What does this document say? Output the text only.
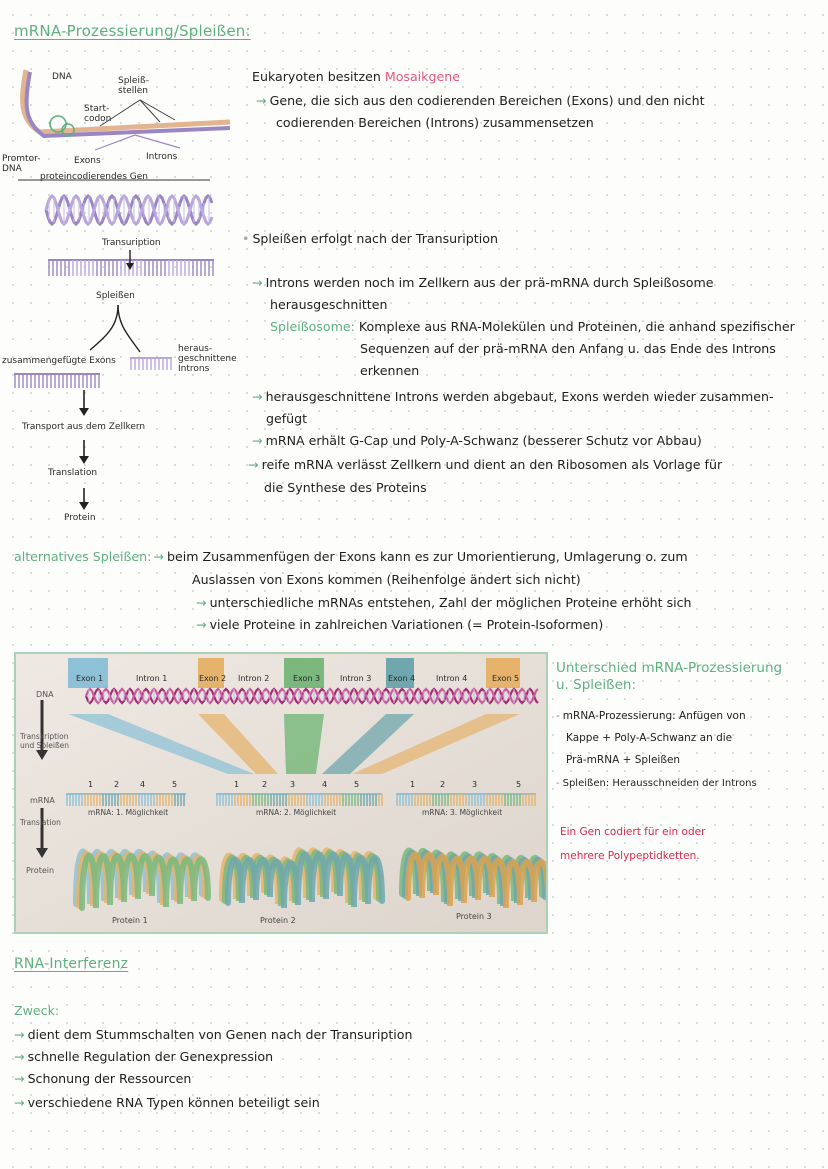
mRNA-Prozessierung/Spleißen:
DNA	Spleiß-
stellen
Start-
codon
Promtor-
DNA
Exons	Introns
proteincodierendes Gen
Transuription
Spleißen
zusammengefügte Exons
heraus-
geschnittene
Introns
Transport aus dem Zellkern
Translation
Protein
Eukaryoten besitzen Mosaikgene
→ Gene, die sich aus den codierenden Bereichen (Exons) und den nicht
codierenden Bereichen (Introns) zusammensetzen
• Spleißen erfolgt nach der Transuription
→ Introns werden noch im Zellkern aus der prä-mRNA durch Spleißosome
herausgeschnitten
Spleißosome: Komplexe aus RNA-Molekülen und Proteinen, die anhand spezifischer
Sequenzen auf der prä-mRNA den Anfang u. das Ende des Introns
erkennen
→ herausgeschnittene Introns werden abgebaut, Exons werden wieder zusammen-
gefügt
→ mRNA erhält G-Cap und Poly-A-Schwanz (besserer Schutz vor Abbau)
→ reife mRNA verlässt Zellkern und dient an den Ribosomen als Vorlage für
die Synthese des Proteins
alternatives Spleißen: → beim Zusammenfügen der Exons kann es zur Umorientierung, Umlagerung o. zum
Auslassen von Exons kommen (Reihenfolge ändert sich nicht)
→ unterschiedliche mRNAs entstehen, Zahl der möglichen Proteine erhöht sich
→ viele Proteine in zahlreichen Variationen (= Protein-Isoformen)
Exon 1	Exon 2	Exon 3	Exon 4	Exon 5
Intron 1	Intron 2	Intron 3	Intron 4
DNA
Transkription
und Spleißen
mRNA
Translation
Protein
mRNA: 1. Möglichkeit	mRNA: 2. Möglichkeit	mRNA: 3. Möglichkeit
1	2	4	5	1	2	3	4	5	1	2	3	5
Protein 1	Protein 2	Protein 3
Unterschied mRNA-Prozessierung
u. Spleißen:
- mRNA-Prozessierung: Anfügen von
Kappe + Poly-A-Schwanz an die
Prä-mRNA + Spleißen
- Spleißen: Herausschneiden der Introns
Ein Gen codiert für ein oder
mehrere Polypeptidketten.
RNA-Interferenz
Zweck:
→ dient dem Stummschalten von Genen nach der Transuription
→ schnelle Regulation der Genexpression
→ Schonung der Ressourcen
→ verschiedene RNA Typen können beteiligt sein
